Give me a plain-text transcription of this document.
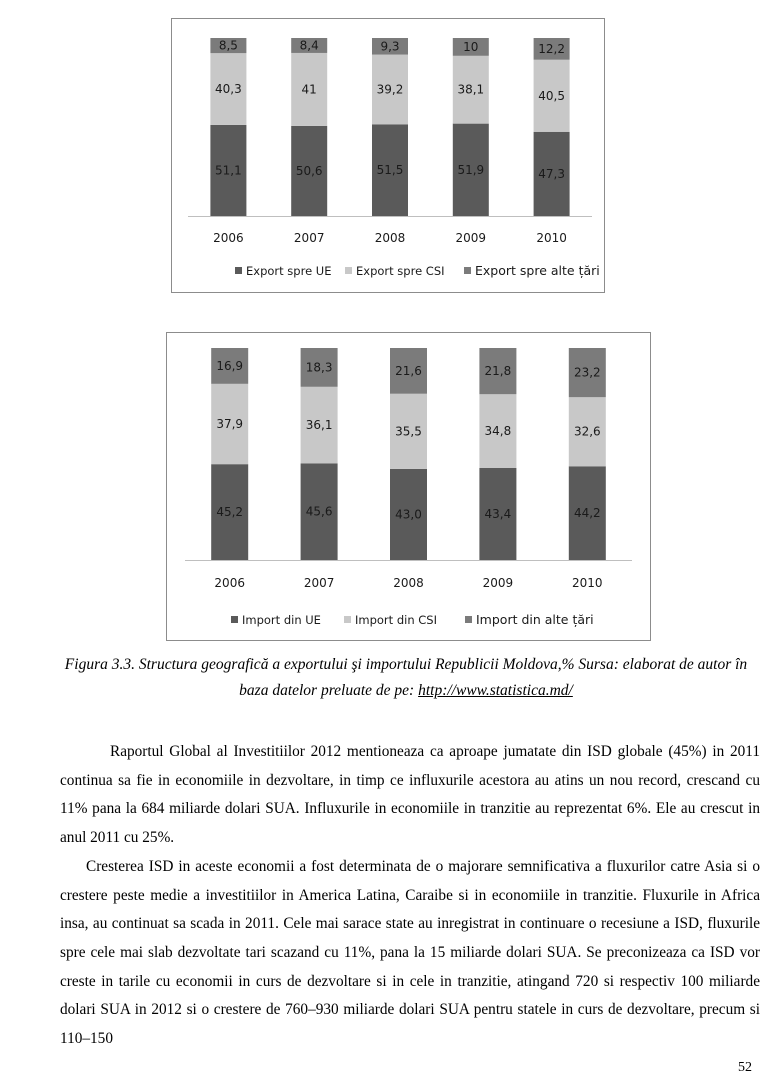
51,1
40,3
8,5
2006
50,6
41
8,4
2007
51,5
39,2
9,3
2008
51,9
38,1
10
2009
47,3
40,5
12,2
2010
Export spre UE Export spre CSI Export spre alte țări
45,2
37,9
16,9
2006
45,6
36,1
18,3
2007
43,0
35,5
21,6
2008
43,4
34,8
21,8
2009
44,2
32,6
23,2
2010
Import din UE	Import din CSI	Import din alte țări
Figura 3.3. Structura geografică a exportului şi importului Republicii Moldova,% Sursa: elaborat de autor în baza datelor preluate de pe: http://www.statistica.md/

Raportul Global al Investitiilor 2012 mentioneaza ca aproape jumatate din ISD globale (45%) in 2011 continua sa fie in economiile in dezvoltare, in timp ce influxurile acestora au atins un nou record, crescand cu 11% pana la 684 miliarde dolari SUA. Influxurile in economiile in tranzitie au reprezentat 6%. Ele au crescut in anul 2011 cu 25%.

Cresterea ISD in aceste economii a fost determinata de o majorare semnificativa a fluxurilor catre Asia si o crestere peste medie a investitiilor in America Latina, Caraibe si in economiile in tranzitie. Fluxurile in Africa insa, au continuat sa scada in 2011. Cele mai sarace state au inregistrat in continuare o recesiune a ISD, fluxurile spre cele mai slab dezvoltate tari scazand cu 11%, pana la 15 miliarde dolari SUA. Se preconizeaza ca ISD vor creste in tarile cu economii in curs de dezvoltare si in cele in tranzitie, atingand 720 si respectiv 100 miliarde dolari SUA in 2012 si o crestere de 760–930 miliarde dolari SUA pentru statele in curs de dezvoltare, precum si 110–150

52
